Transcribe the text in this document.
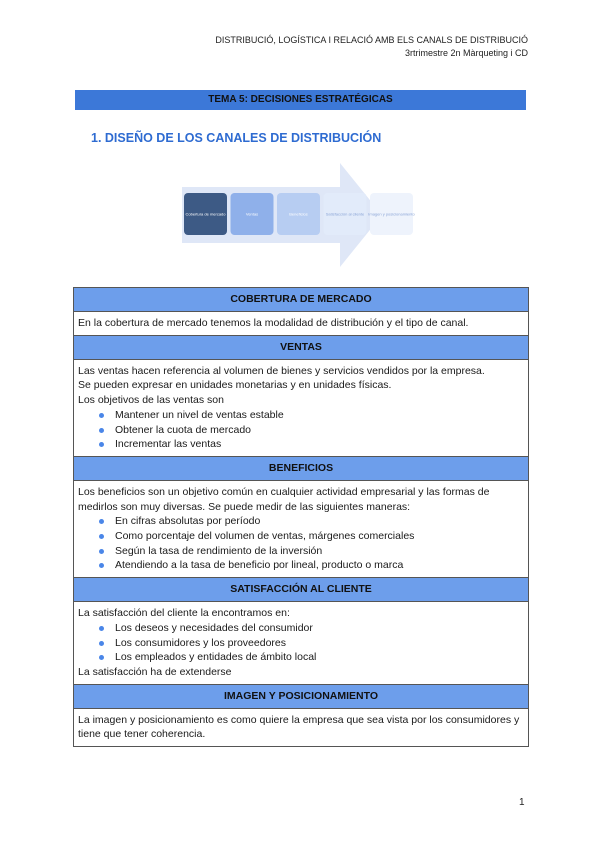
DISTRIBUCIÓ, LOGÍSTICA I RELACIÓ AMB ELS CANALS DE DISTRIBUCIÓ
3rtrimestre 2n Màrqueting i CD
TEMA 5: DECISIONES ESTRATÉGICAS
1. DISEÑO DE LOS CANALES DE DISTRIBUCIÓN
Cobertura de mercado	Ventas	Beneficios	Satisfacción al cliente Imagen y posicionamiento
COBERTURA DE MERCADO

En la cobertura de mercado tenemos la modalidad de distribución y el tipo de canal.

VENTAS

Las ventas hacen referencia al volumen de bienes y servicios vendidos por la empresa.

Se pueden expresar en unidades monetarias y en unidades físicas.

Los objetivos de las ventas son

Mantener un nivel de ventas estable
Obtener la cuota de mercado
Incrementar las ventas
BENEFICIOS

Los beneficios son un objetivo común en cualquier actividad empresarial y las formas de medirlos son muy diversas. Se puede medir de las siguientes maneras:

En cifras absolutas por período
Como porcentaje del volumen de ventas, márgenes comerciales
Según la tasa de rendimiento de la inversión
Atendiendo a la tasa de beneficio por lineal, producto o marca
SATISFACCIÓN AL CLIENTE

La satisfacción del cliente la encontramos en:

Los deseos y necesidades del consumidor
Los consumidores y los proveedores
Los empleados y entidades de ámbito local

La satisfacción ha de extenderse

IMAGEN Y POSICIONAMIENTO

La imagen y posicionamiento es como quiere la empresa que sea vista por los consumidores y tiene que tener coherencia.

1
